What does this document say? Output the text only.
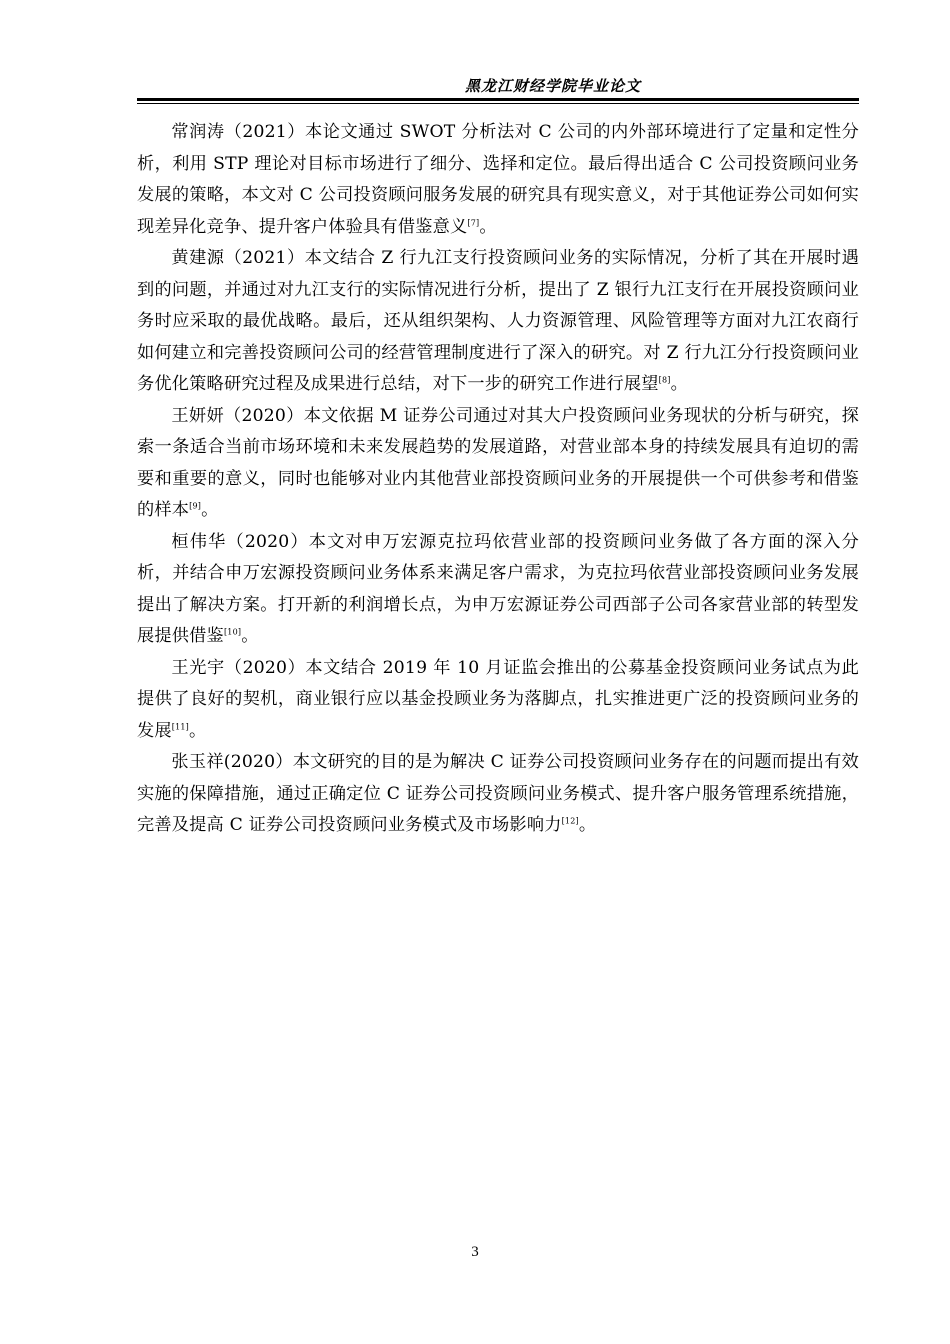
黑龙江财经学院毕业论文

常润涛（2021）本论文通过 SWOT 分析法对 C 公司的内外部环境进行了定量和定性分析，利用 STP 理论对目标市场进行了细分、选择和定位。最后得出适合 C 公司投资顾问业务发展的策略，本文对 C 公司投资顾问服务发展的研究具有现实意义，对于其他证券公司如何实现差异化竞争、提升客户体验具有借鉴意义[7]。

黄建源（2021）本文结合 Z 行九江支行投资顾问业务的实际情况，分析了其在开展时遇到的问题，并通过对九江支行的实际情况进行分析，提出了 Z 银行九江支行在开展投资顾问业务时应采取的最优战略。最后，还从组织架构、人力资源管理、风险管理等方面对九江农商行如何建立和完善投资顾问公司的经营管理制度进行了深入的研究。对 Z 行九江分行投资顾问业务优化策略研究过程及成果进行总结，对下一步的研究工作进行展望[8]。

王妍妍（2020）本文依据 M 证券公司通过对其大户投资顾问业务现状的分析与研究，探索一条适合当前市场环境和未来发展趋势的发展道路，对营业部本身的持续发展具有迫切的需要和重要的意义，同时也能够对业内其他营业部投资顾问业务的开展提供一个可供参考和借鉴的样本[9]。

桓伟华（2020）本文对申万宏源克拉玛依营业部的投资顾问业务做了各方面的深入分析，并结合申万宏源投资顾问业务体系来满足客户需求，为克拉玛依营业部投资顾问业务发展提出了解决方案。打开新的利润增长点，为申万宏源证券公司西部子公司各家营业部的转型发展提供借鉴[10]。

王光宇（2020）本文结合 2019 年 10 月证监会推出的公募基金投资顾问业务试点为此提供了良好的契机，商业银行应以基金投顾业务为落脚点，扎实推进更广泛的投资顾问业务的发展[11]。

张玉祥(2020）本文研究的目的是为解决 C 证券公司投资顾问业务存在的问题而提出有效实施的保障措施，通过正确定位 C 证券公司投资顾问业务模式、提升客户服务管理系统措施，完善及提高 C 证券公司投资顾问业务模式及市场影响力[12]。

3
